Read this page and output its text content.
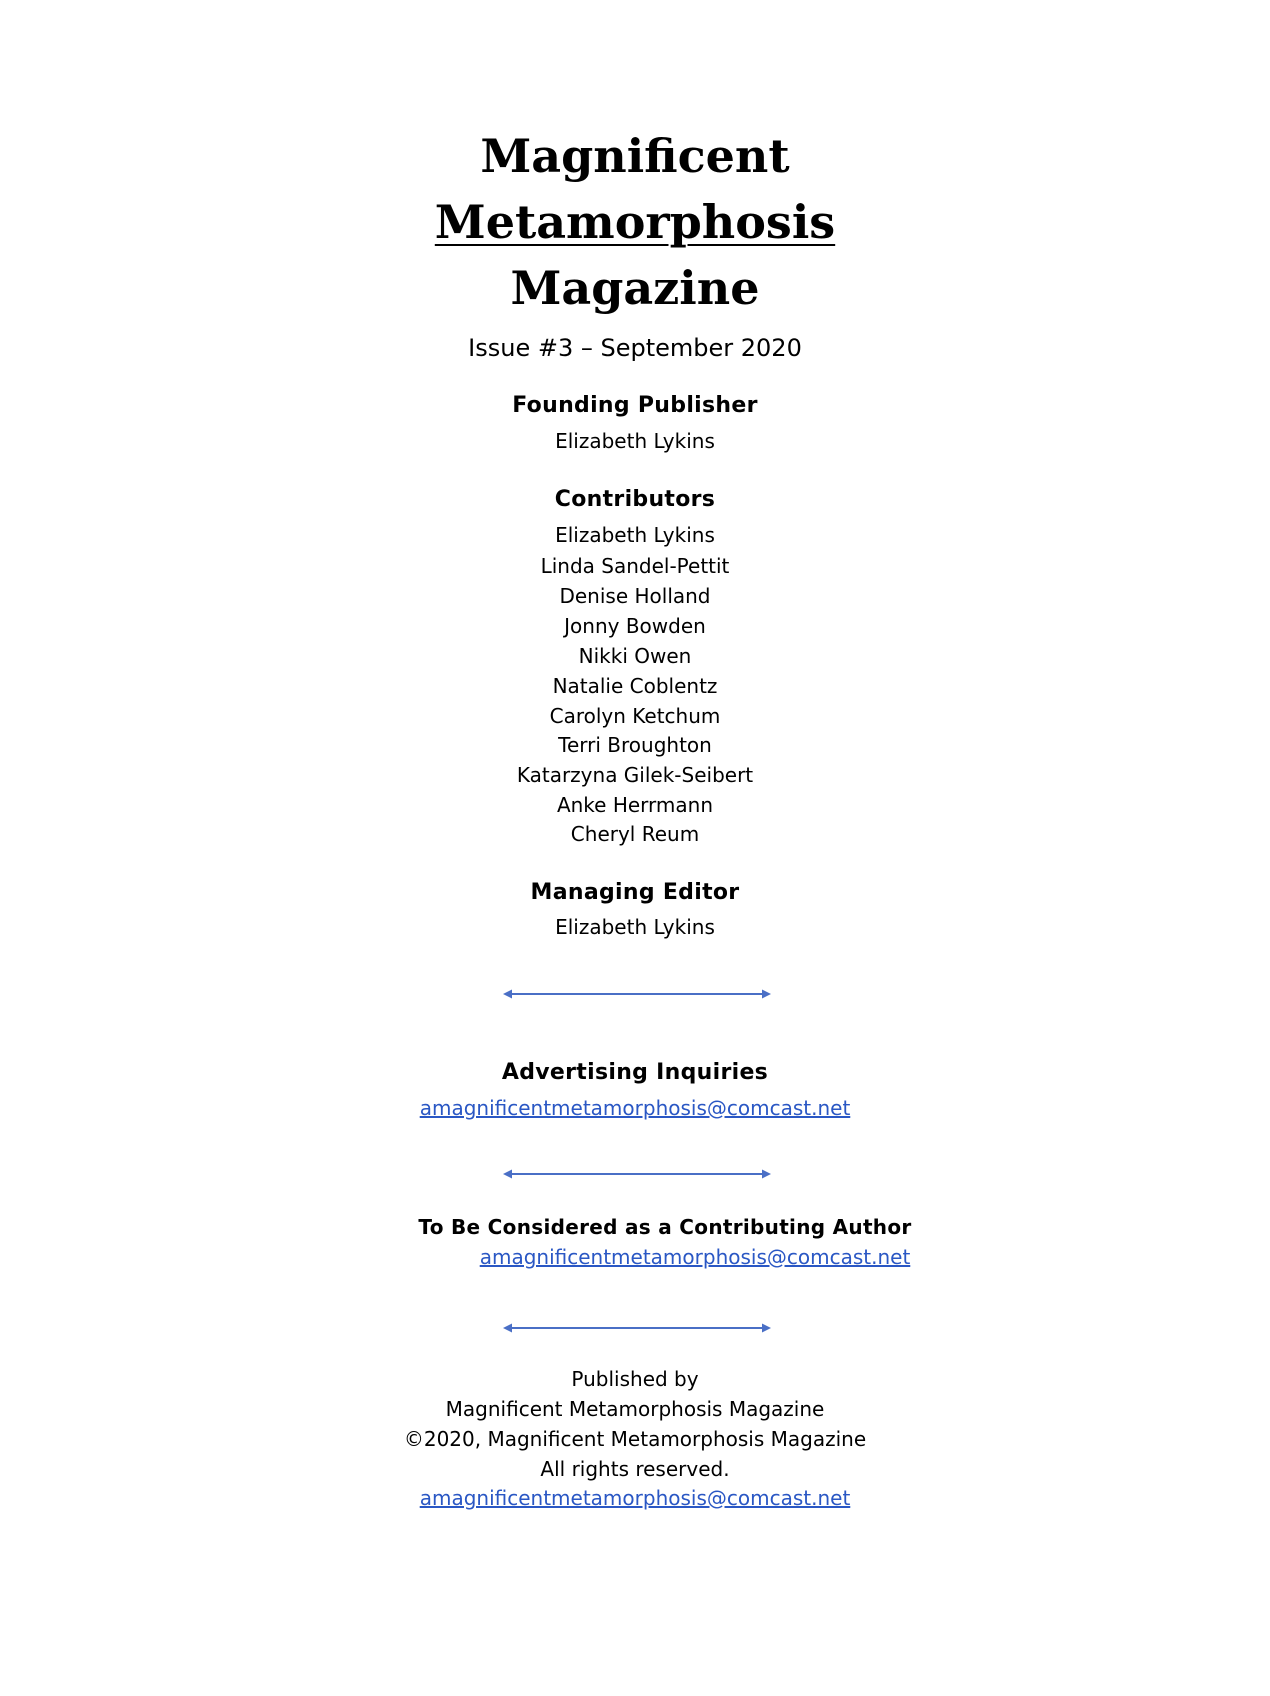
Magnificent
Metamorphosis
Magazine
Issue #3 – September 2020
Founding Publisher
Elizabeth Lykins
Contributors
Elizabeth Lykins
Linda Sandel-Pettit
Denise Holland
Jonny Bowden
Nikki Owen
Natalie Coblentz
Carolyn Ketchum
Terri Broughton
Katarzyna Gilek-Seibert
Anke Herrmann
Cheryl Reum
Managing Editor
Elizabeth Lykins
Advertising Inquiries
amagnificentmetamorphosis@comcast.net
To Be Considered as a Contributing Author
amagnificentmetamorphosis@comcast.net
Published by
Magnificent Metamorphosis Magazine
©2020, Magnificent Metamorphosis Magazine
All rights reserved.
amagnificentmetamorphosis@comcast.net
